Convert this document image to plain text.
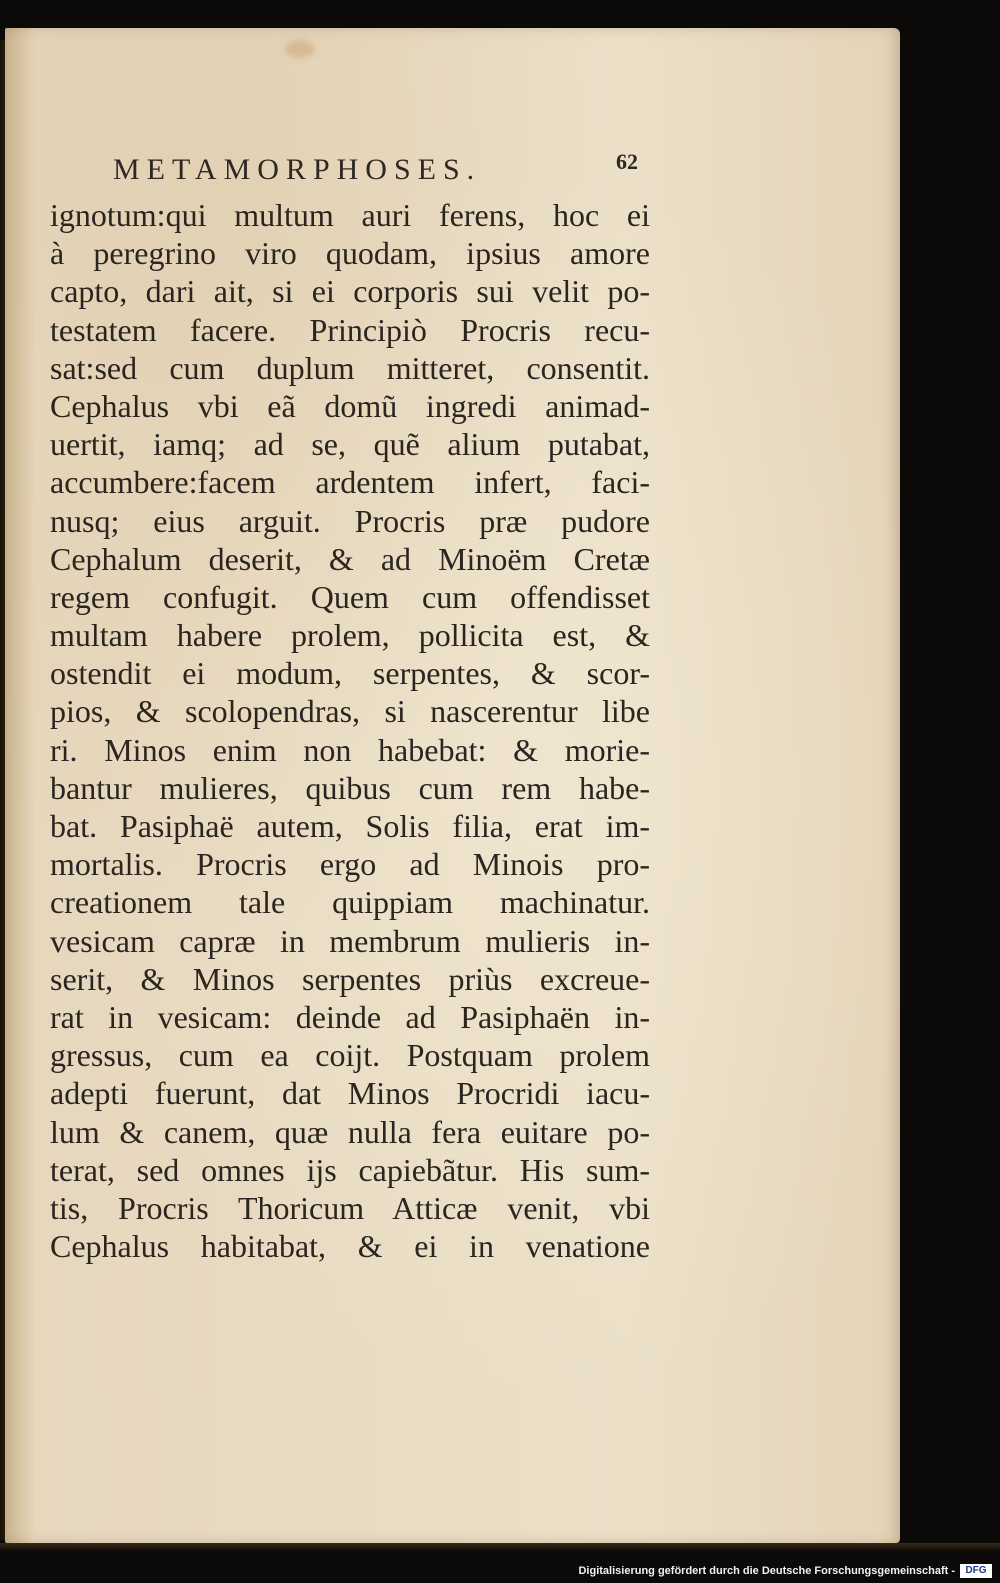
METAMORPHOSES.	62
ignotum:qui multum auri ferens, hoc ei
à peregrino viro quodam, ipsius amore
capto, dari ait, si ei corporis sui velit po-
testatem facere. Principiò Procris recu-
sat:sed cum duplum mitteret, consentit.
Cephalus vbi eã domũ ingredi animad-
uertit, iamq; ad se, quẽ alium putabat,
accumbere:facem ardentem infert, faci-
nusq; eius arguit. Procris præ pudore
Cephalum deserit, & ad Minoëm Cretæ
regem confugit. Quem cum offendisset
multam habere prolem, pollicita est, &
ostendit ei modum, serpentes, & scor-
pios, & scolopendras, si nascerentur libe
ri. Minos enim non habebat: & morie-
bantur mulieres, quibus cum rem habe-
bat. Pasiphaë autem, Solis filia, erat im-
mortalis. Procris ergo ad Minois pro-
creationem tale quippiam machinatur.
vesicam capræ in membrum mulieris in-
serit, & Minos serpentes priùs excreue-
rat in vesicam: deinde ad Pasiphaën in-
gressus, cum ea coijt. Postquam prolem
adepti fuerunt, dat Minos Procridi iacu-
lum & canem, quæ nulla fera euitare po-
terat, sed omnes ijs capiebãtur. His sum-
tis, Procris Thoricum Atticæ venit, vbi
Cephalus habitabat, & ei in venatione
Digitalisierung gefördert durch die Deutsche Forschungsgemeinschaft -	DFG
